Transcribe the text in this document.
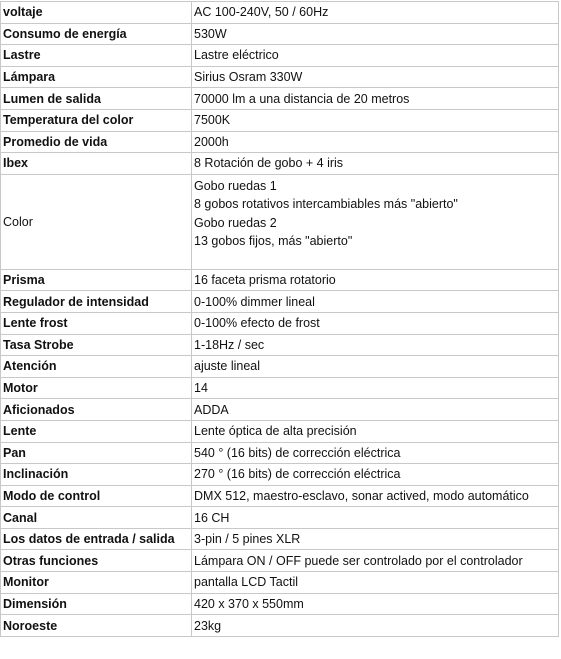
voltaje	AC 100-240V, 50 / 60Hz
Consumo de energía	530W
Lastre	Lastre eléctrico
Lámpara	Sirius Osram 330W
Lumen de salida	70000 lm a una distancia de 20 metros
Temperatura del color	7500K
Promedio de vida	2000h
Ibex	8 Rotación de gobo + 4 iris
Color	Gobo ruedas 1
8 gobos rotativos intercambiables más "abierto"
Gobo ruedas 2
13 gobos fijos, más "abierto"

Prisma	16 faceta prisma rotatorio
Regulador de intensidad	0-100% dimmer lineal
Lente frost	0-100% efecto de frost
Tasa Strobe	1-18Hz / sec
Atención	ajuste lineal
Motor	14
Aficionados	ADDA
Lente	Lente óptica de alta precisión
Pan	540 ° (16 bits) de corrección eléctrica
Inclinación	270 ° (16 bits) de corrección eléctrica
Modo de control	DMX 512, maestro-esclavo, sonar actived, modo automático
Canal	16 CH
Los datos de entrada / salida	3-pin / 5 pines XLR
Otras funciones	Lámpara ON / OFF puede ser controlado por el controlador
Monitor	pantalla LCD Tactil
Dimensión	420 x 370 x 550mm
Noroeste	23kg
